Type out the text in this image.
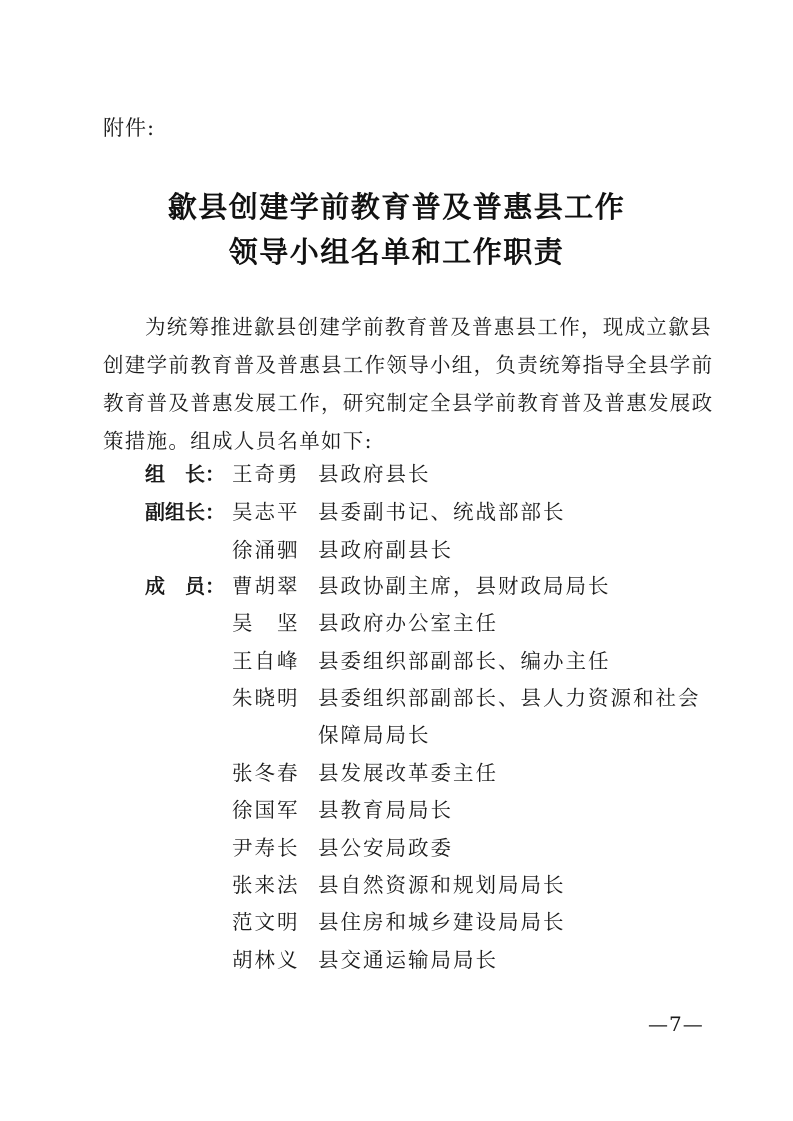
附件:
歙县创建学前教育普及普惠县工作
领导小组名单和工作职责
为统筹推进歙县创建学前教育普及普惠县工作，现成立歙县
创建学前教育普及普惠县工作领导小组，负责统筹指导全县学前
教育普及普惠发展工作，研究制定全县学前教育普及普惠发展政
策措施。组成人员名单如下:
组　长： 王奇勇 县政府县长
副组长： 吴志平 县委副书记、统战部部长
徐涌驷 县政府副县长
成　员： 曹胡翠 县政协副主席，县财政局局长
吴　坚 县政府办公室主任
王自峰 县委组织部副部长、编办主任
朱晓明 县委组织部副部长、县人力资源和社会
保障局局长
张冬春 县发展改革委主任
徐国军 县教育局局长
尹寿长 县公安局政委
张来法 县自然资源和规划局局长
范文明 县住房和城乡建设局局长
胡林义 县交通运输局局长
—7—
